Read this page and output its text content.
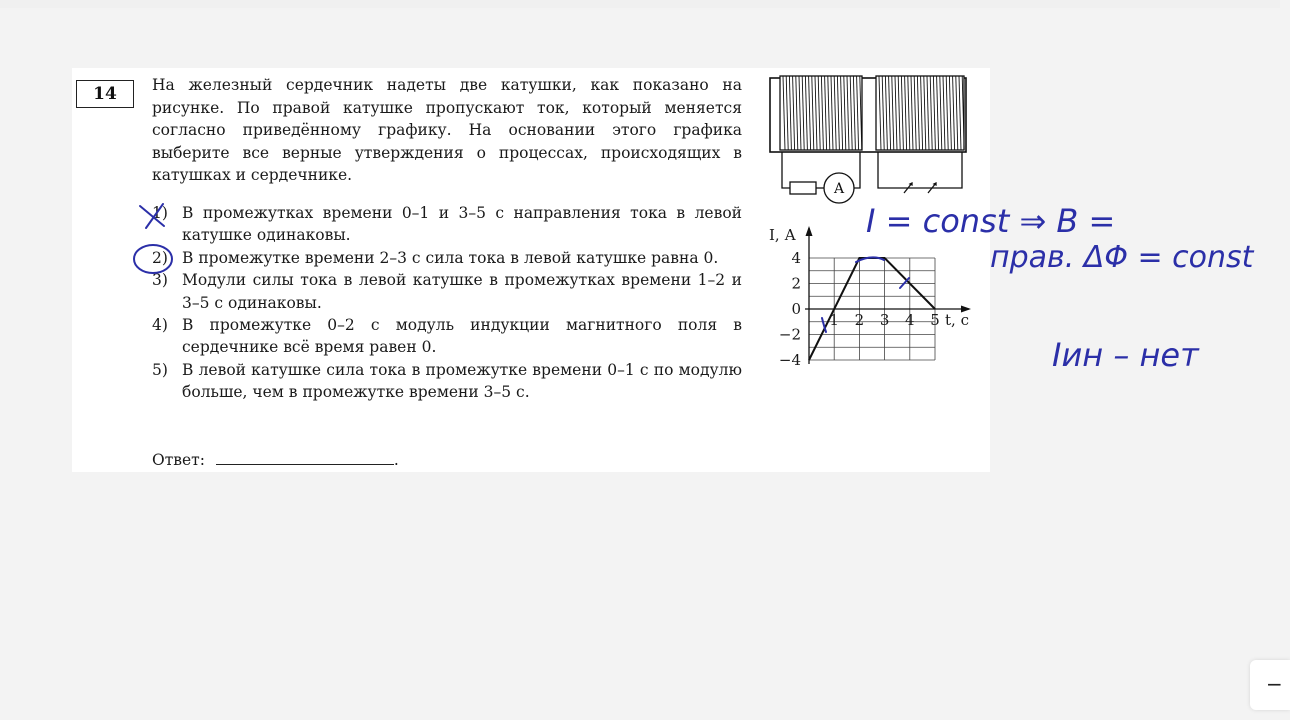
14	На железный сердечник надеты две катушки, как показано на рисунке. По правой катушке пропускают ток, который меняется согласно приведённому графику. На основании этого графика выберите все верные утверждения о процессах, происходящих в катушках и сердечнике.
1) В промежутках времени 0–1 и 3–5 с направления тока в левой катушке одинаковы.
2) В промежутке времени 2–3 с сила тока в левой катушке равна 0.
3) Модули силы тока в левой катушке в промежутках времени 1–2 и 3–5 с одинаковы.
4) В промежутке 0–2 с модуль индукции магнитного поля в сердечнике всё время равен 0.
5) В левой катушке сила тока в промежутке времени 0–1 с по модулю больше, чем в промежутке времени 3–5 с.
Ответ:	.
A
I, А
4
2
0
−2
−4
1 2 3 4 5 t, с
I = const ⇒ B =
прав. ΔΦ = const
Iин – нет
−
